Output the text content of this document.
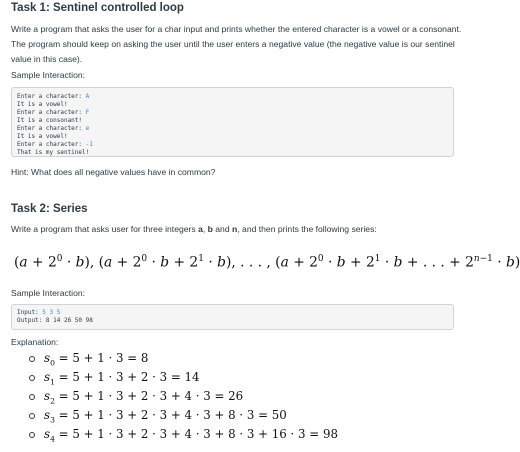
Task 1: Sentinel controlled loop

Write a program that asks the user for a char input and prints whether the entered character is a vowel or a consonant.

The program should keep on asking the user until the user enters a negative value (the negative value is our sentinel

value in this case).

Sample Interaction:

Enter a character: A
It is a vowel!
Enter a character: F
It is a consonant!
Enter a character: e
It is a vowel!
Enter a character: -1
That is my sentinel!

Hint: What does all negative values have in common?

Task 2: Series

Write a program that asks user for three integers a, b and n, and then prints the following series:

$(a + 2^0 \cdot b)$, $(a + 2^0 \cdot b + 2^1 \cdot b)$, . . . , ($a + 2^0 \cdot b + 2^1 \cdot b$ + . . . + $2^{n-1} \cdot b$)

Sample Interaction:

Input: 5 3 5
Output: 8 14 26 50 98

Explanation:

$s_0 = 5 + 1 \cdot 3 = 8$
$s_1 = 5 + 1 \cdot 3 + 2 \cdot 3 = 14$
$s_2 = 5 + 1 \cdot 3 + 2 \cdot 3 + 4 \cdot 3 = 26$
$s_3 = 5 + 1 \cdot 3 + 2 \cdot 3 + 4 \cdot 3 + 8 \cdot 3 = 50$
$s_4 = 5 + 1 \cdot 3 + 2 \cdot 3 + 4 \cdot 3 + 8 \cdot 3 + 16 \cdot 3 = 98$
